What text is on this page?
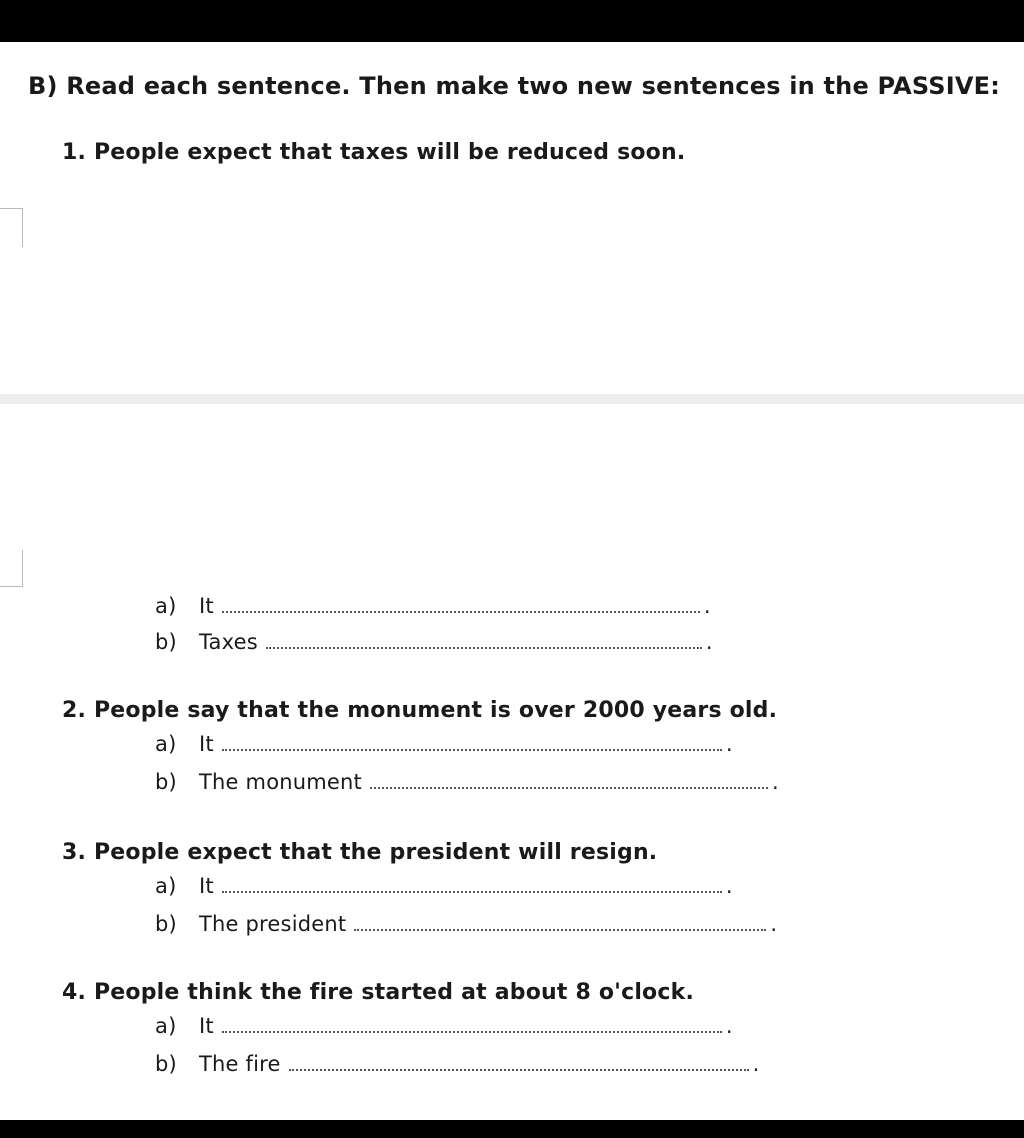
B) Read each sentence. Then make two new sentences in the PASSIVE:
1. People expect that taxes will be reduced soon.
a) It	.
b) Taxes	.
2. People say that the monument is over 2000 years old.
a) It	.
b) The monument	.
3. People expect that the president will resign.
a) It	.
b) The president	.
4. People think the fire started at about 8 o'clock.
a) It	.
b) The fire	.
